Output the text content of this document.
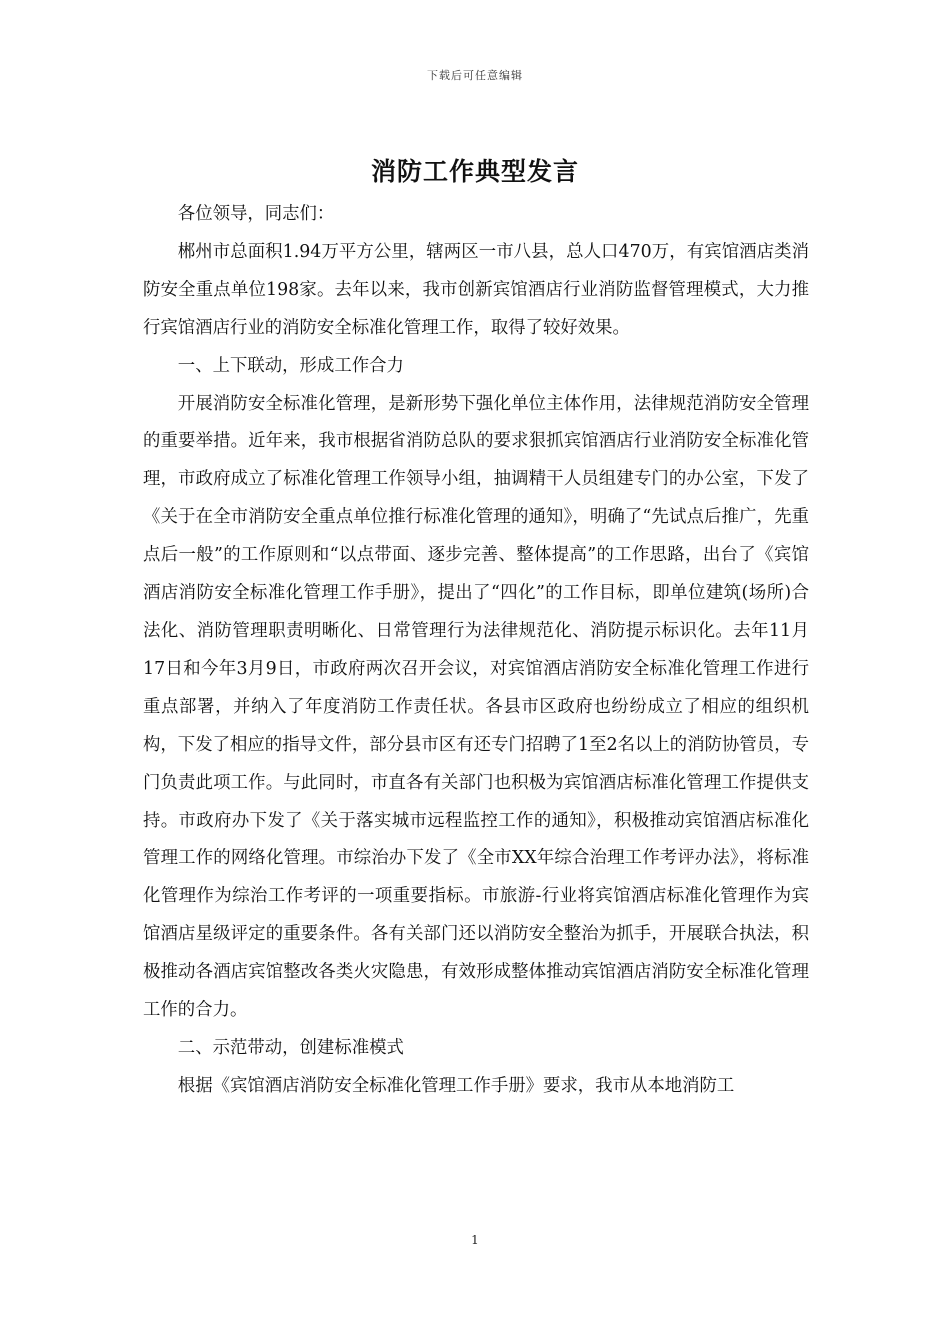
下载后可任意编辑
消防工作典型发言

各位领导，同志们：

郴州市总面积1.94万平方公里，辖两区一市八县，总人口470万，有宾馆酒店类消防安全重点单位198家。去年以来，我市创新宾馆酒店行业消防监督管理模式，大力推行宾馆酒店行业的消防安全标准化管理工作，取得了较好效果。

一、上下联动，形成工作合力

开展消防安全标准化管理，是新形势下强化单位主体作用，法律规范消防安全管理的重要举措。近年来，我市根据省消防总队的要求狠抓宾馆酒店行业消防安全标准化管理，市政府成立了标准化管理工作领导小组，抽调精干人员组建专门的办公室，下发了《关于在全市消防安全重点单位推行标准化管理的通知》，明确了“先试点后推广，先重点后一般”的工作原则和“以点带面、逐步完善、整体提高”的工作思路，出台了《宾馆酒店消防安全标准化管理工作手册》，提出了“四化”的工作目标，即单位建筑(场所)合法化、消防管理职责明晰化、日常管理行为法律规范化、消防提示标识化。去年11月17日和今年3月9日，市政府两次召开会议，对宾馆酒店消防安全标准化管理工作进行重点部署，并纳入了年度消防工作责任状。各县市区政府也纷纷成立了相应的组织机构，下发了相应的指导文件，部分县市区有还专门招聘了1至2名以上的消防协管员，专门负责此项工作。与此同时，市直各有关部门也积极为宾馆酒店标准化管理工作提供支持。市政府办下发了《关于落实城市远程监控工作的通知》，积极推动宾馆酒店标准化管理工作的网络化管理。市综治办下发了《全市XX年综合治理工作考评办法》，将标准化管理作为综治工作考评的一项重要指标。市旅游-行业将宾馆酒店标准化管理作为宾馆酒店星级评定的重要条件。各有关部门还以消防安全整治为抓手，开展联合执法，积极推动各酒店宾馆整改各类火灾隐患，有效形成整体推动宾馆酒店消防安全标准化管理工作的合力。

二、示范带动，创建标准模式

根据《宾馆酒店消防安全标准化管理工作手册》要求，我市从本地消防工

1
